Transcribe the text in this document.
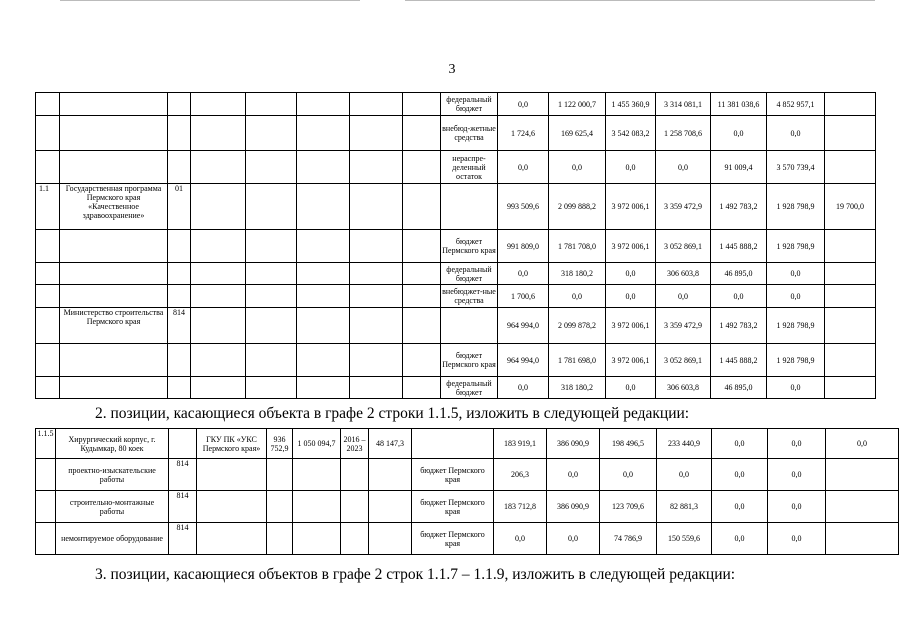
3
								федеральный бюджет	0,0	1 122 000,7	1 455 360,9	3 314 081,1	11 381 038,6	4 852 957,1	
								внебюд-жетные средства	1 724,6	169 625,4	3 542 083,2	1 258 708,6	0,0	0,0	
								нераспре-деленный остаток	0,0	0,0	0,0	0,0	91 009,4	3 570 739,4	
1.1	Государственная программа Пермского края «Качественное здравоохранение»	01							993 509,6	2 099 888,2	3 972 006,1	3 359 472,9	1 492 783,2	1 928 798,9	19 700,0
								бюджет Пермского края	991 809,0	1 781 708,0	3 972 006,1	3 052 869,1	1 445 888,2	1 928 798,9	
								федеральный бюджет	0,0	318 180,2	0,0	306 603,8	46 895,0	0,0	
								внебюджет-ные средства	1 700,6	0,0	0,0	0,0	0,0	0,0	
	Министерство строительства Пермского края	814							964 994,0	2 099 878,2	3 972 006,1	3 359 472,9	1 492 783,2	1 928 798,9	
								бюджет Пермского края	964 994,0	1 781 698,0	3 972 006,1	3 052 869,1	1 445 888,2	1 928 798,9	
								федеральный бюджет	0,0	318 180,2	0,0	306 603,8	46 895,0	0,0	
2. позиции, касающиеся объекта в графе 2 строки 1.1.5, изложить в следующей редакции:
1.1.5	Хирургический корпус, г. Кудымкар, 80 коек		ГКУ ПК «УКС Пермского края»	936 752,9	1 050 094,7	2016 – 2023	48 147,3		183 919,1	386 090,9	198 496,5	233 440,9	0,0	0,0	0,0
	проектно-изыскательские работы	814						бюджет Пермского края	206,3	0,0	0,0	0,0	0,0	0,0	
	строительно-монтажные работы	814						бюджет Пермского края	183 712,8	386 090,9	123 709,6	82 881,3	0,0	0,0	
	немонтируемое оборудование	814						бюджет Пермского края	0,0	0,0	74 786,9	150 559,6	0,0	0,0	
3. позиции, касающиеся объектов в графе 2 строк 1.1.7 – 1.1.9, изложить в следующей редакции:
